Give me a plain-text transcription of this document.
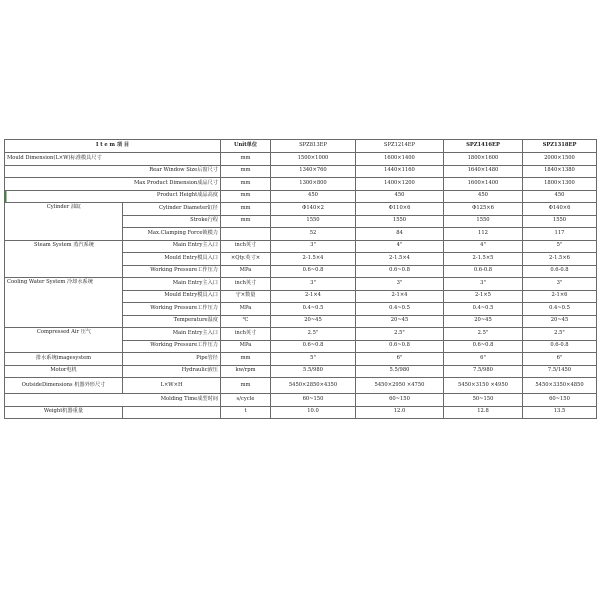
I t e m 项 目		Unit单位	SPZ813EP	SPZ1214EP	SPZ1416EP	SPZ1318EP
Mould Dimension(L×W)标准模具尺寸		mm	1500×1000	1600×1400	1800×1600	2000×1500
Rear Window Size后窗尺寸		mm	1340×760	1440×1160	1640×1480	1840×1380
Max Product Dimension成品尺寸		mm	1300×800	1400×1200	1600×1400	1800×1300
Product Height成品高度		mm	450	450	450	450
Cylinder 油缸	Cylinder Diameter缸径	mm	Φ140×2	Φ110×6	Φ125×6	Φ140×6
	Stroke行程	mm	1550	1550	1550	1550
	Max.Clamping Force锁模力		52	84	112	117
Steam System 蒸汽系统	Main Entry主入口	inch英寸	3"	4"	4"	5"
	Mould Entry模具入口	×Qty.英寸×	2-1.5×4	2-1.5×4	2-1.5×5	2-1.5×6
	Working Pressure工作压力	MPa	0.6~0.8	0.6~0.8	0.6-0.8	0.6-0.8
Cooling Water System 冷却水系统	Main Entry主入口	inch英寸	3"	3"	3"	3"
	Mould Entry模具入口	守×数量	2-1×4	2-1×4	2-1×5	2-1×6
	Working Pressure工作压力	MPa	0.4~0.5	0.4~0.5	0.4~0.5	0.4~0.5
	Temperature温度	℃	20~45	20~45	20~45	20~45
Compressed Air 压气	Main Entry主入口	inch英寸	2.5"	2.5"	2.5"	2.5"
	Working Pressure工作压力	MPa	0.6~0.8	0.6~0.8	0.6~0.8	0.6-0.8
排水系统imagesystem	Pipe管径	mm	5"	6"	6"	6"
Motor电机	Hydraulic液压	kw/rpm	5.5/980	5.5/980	7.5/980	7.5/1450
OutsideDimensions 机器外形尺寸	L×W×H	mm	5450×2850×4350	5450×2950 ×4750	5450×3150 ×4950	5450×3350×4850
Molding Time成型时间		s/cycle	60~150	60~150	50~150	60~150
Weight机器重量		t	10.0	12.0	12.8	13.5
